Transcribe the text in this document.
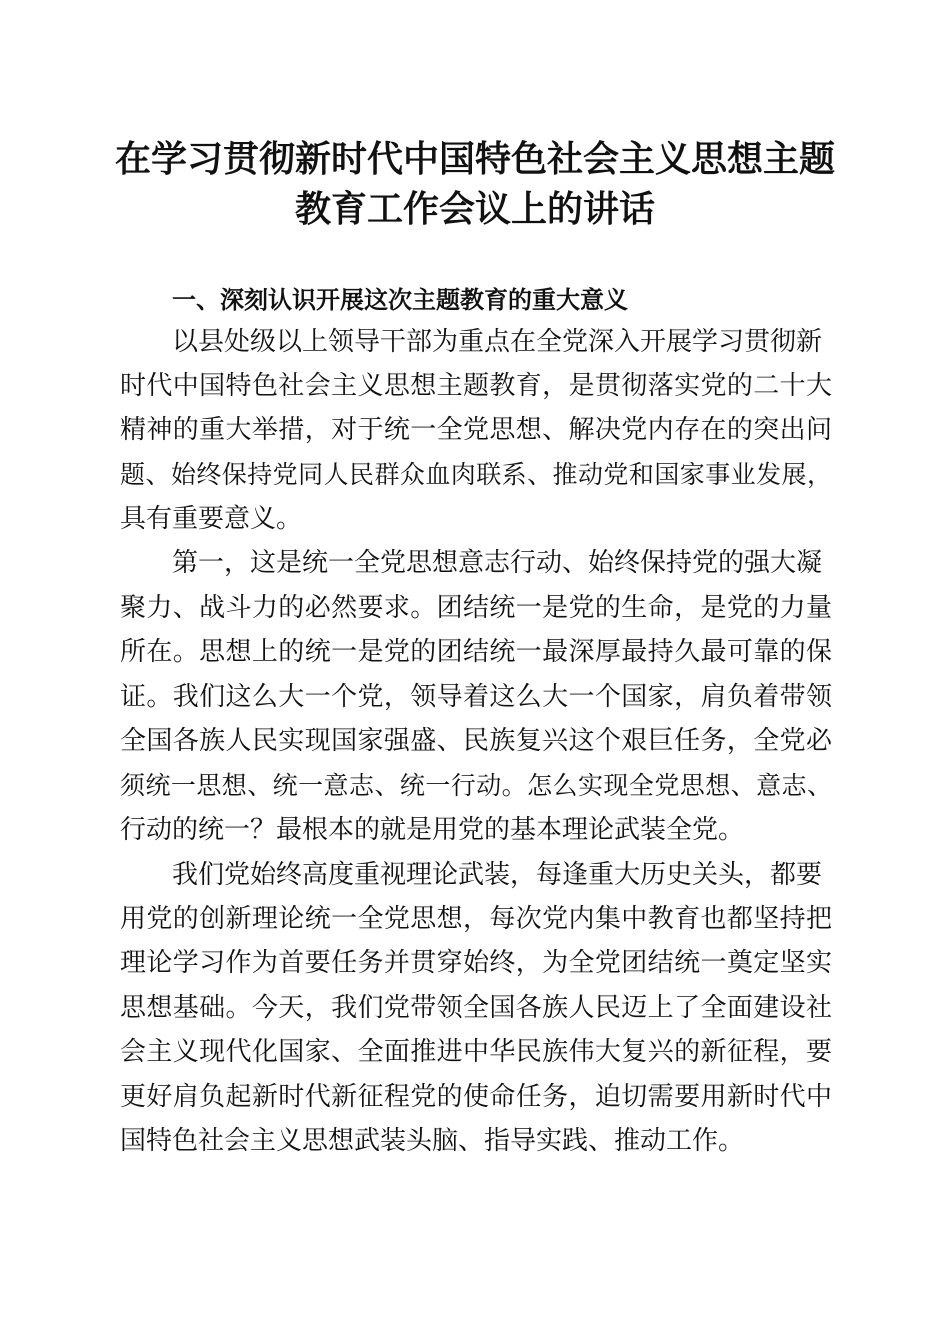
在学习贯彻新时代中国特色社会主义思想主题
教育工作会议上的讲话
一、深刻认识开展这次主题教育的重大意义
以县处级以上领导干部为重点在全党深入开展学习贯彻新
时代中国特色社会主义思想主题教育，是贯彻落实党的二十大
精神的重大举措，对于统一全党思想、解决党内存在的突出问
题、始终保持党同人民群众血肉联系、推动党和国家事业发展，
具有重要意义。
第一，这是统一全党思想意志行动、始终保持党的强大凝
聚力、战斗力的必然要求。团结统一是党的生命，是党的力量
所在。思想上的统一是党的团结统一最深厚最持久最可靠的保
证。我们这么大一个党，领导着这么大一个国家，肩负着带领
全国各族人民实现国家强盛、民族复兴这个艰巨任务，全党必
须统一思想、统一意志、统一行动。怎么实现全党思想、意志、
行动的统一？最根本的就是用党的基本理论武装全党。
我们党始终高度重视理论武装，每逢重大历史关头，都要
用党的创新理论统一全党思想，每次党内集中教育也都坚持把
理论学习作为首要任务并贯穿始终，为全党团结统一奠定坚实
思想基础。今天，我们党带领全国各族人民迈上了全面建设社
会主义现代化国家、全面推进中华民族伟大复兴的新征程，要
更好肩负起新时代新征程党的使命任务，迫切需要用新时代中
国特色社会主义思想武装头脑、指导实践、推动工作。
